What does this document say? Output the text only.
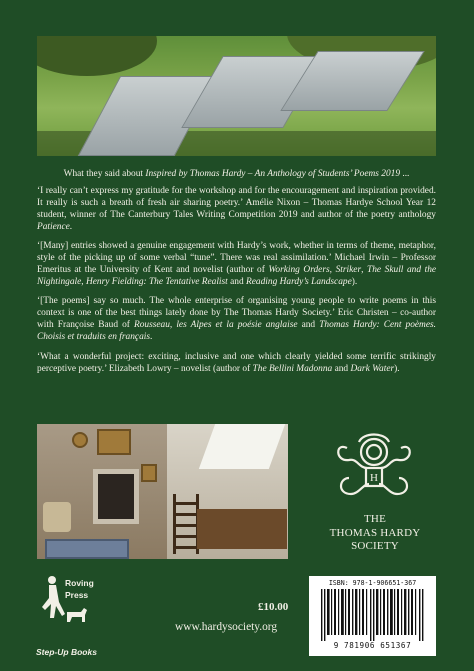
What they said about Inspired by Thomas Hardy – An Anthology of Students’ Poems 2019 ...

‘I really can’t express my gratitude for the workshop and for the encouragement and inspiration provided. It really is such a breath of fresh air sharing poetry.’ Amélie Nixon – Thomas Hardye School Year 12 student, winner of The Canterbury Tales Writing Competition 2019 and author of the poetry anthology Patience.

‘[Many] entries showed a genuine engagement with Hardy’s work, whether in terms of theme, metaphor, style of the picking up of some verbal “tune”. There was real assimilation.’ Michael Irwin – Professor Emeritus at the University of Kent and novelist (author of Working Orders, Striker, The Skull and the Nightingale, Henry Fielding: The Tentative Realist and Reading Hardy’s Landscape).

‘[The poems] say so much. The whole enterprise of organising young people to write poems in this context is one of the best things lately done by The Thomas Hardy Society.’ Eric Christen – co-author with Françoise Baud of Rousseau, les Alpes et la poésie anglaise and Thomas Hardy: Cent poèmes. Choisis et traduits en français.

‘What a wonderful project: exciting, inclusive and one which clearly yielded some terrific strikingly perceptive poetry.’ Elizabeth Lowry – novelist (author of The Bellini Madonna and Dark Water).

H
THE
THOMAS HARDY
SOCIETY
Roving
Press
Step-Up Books
£10.00
www.hardysociety.org
ISBN: 978-1-906651-367
9 781906 651367
